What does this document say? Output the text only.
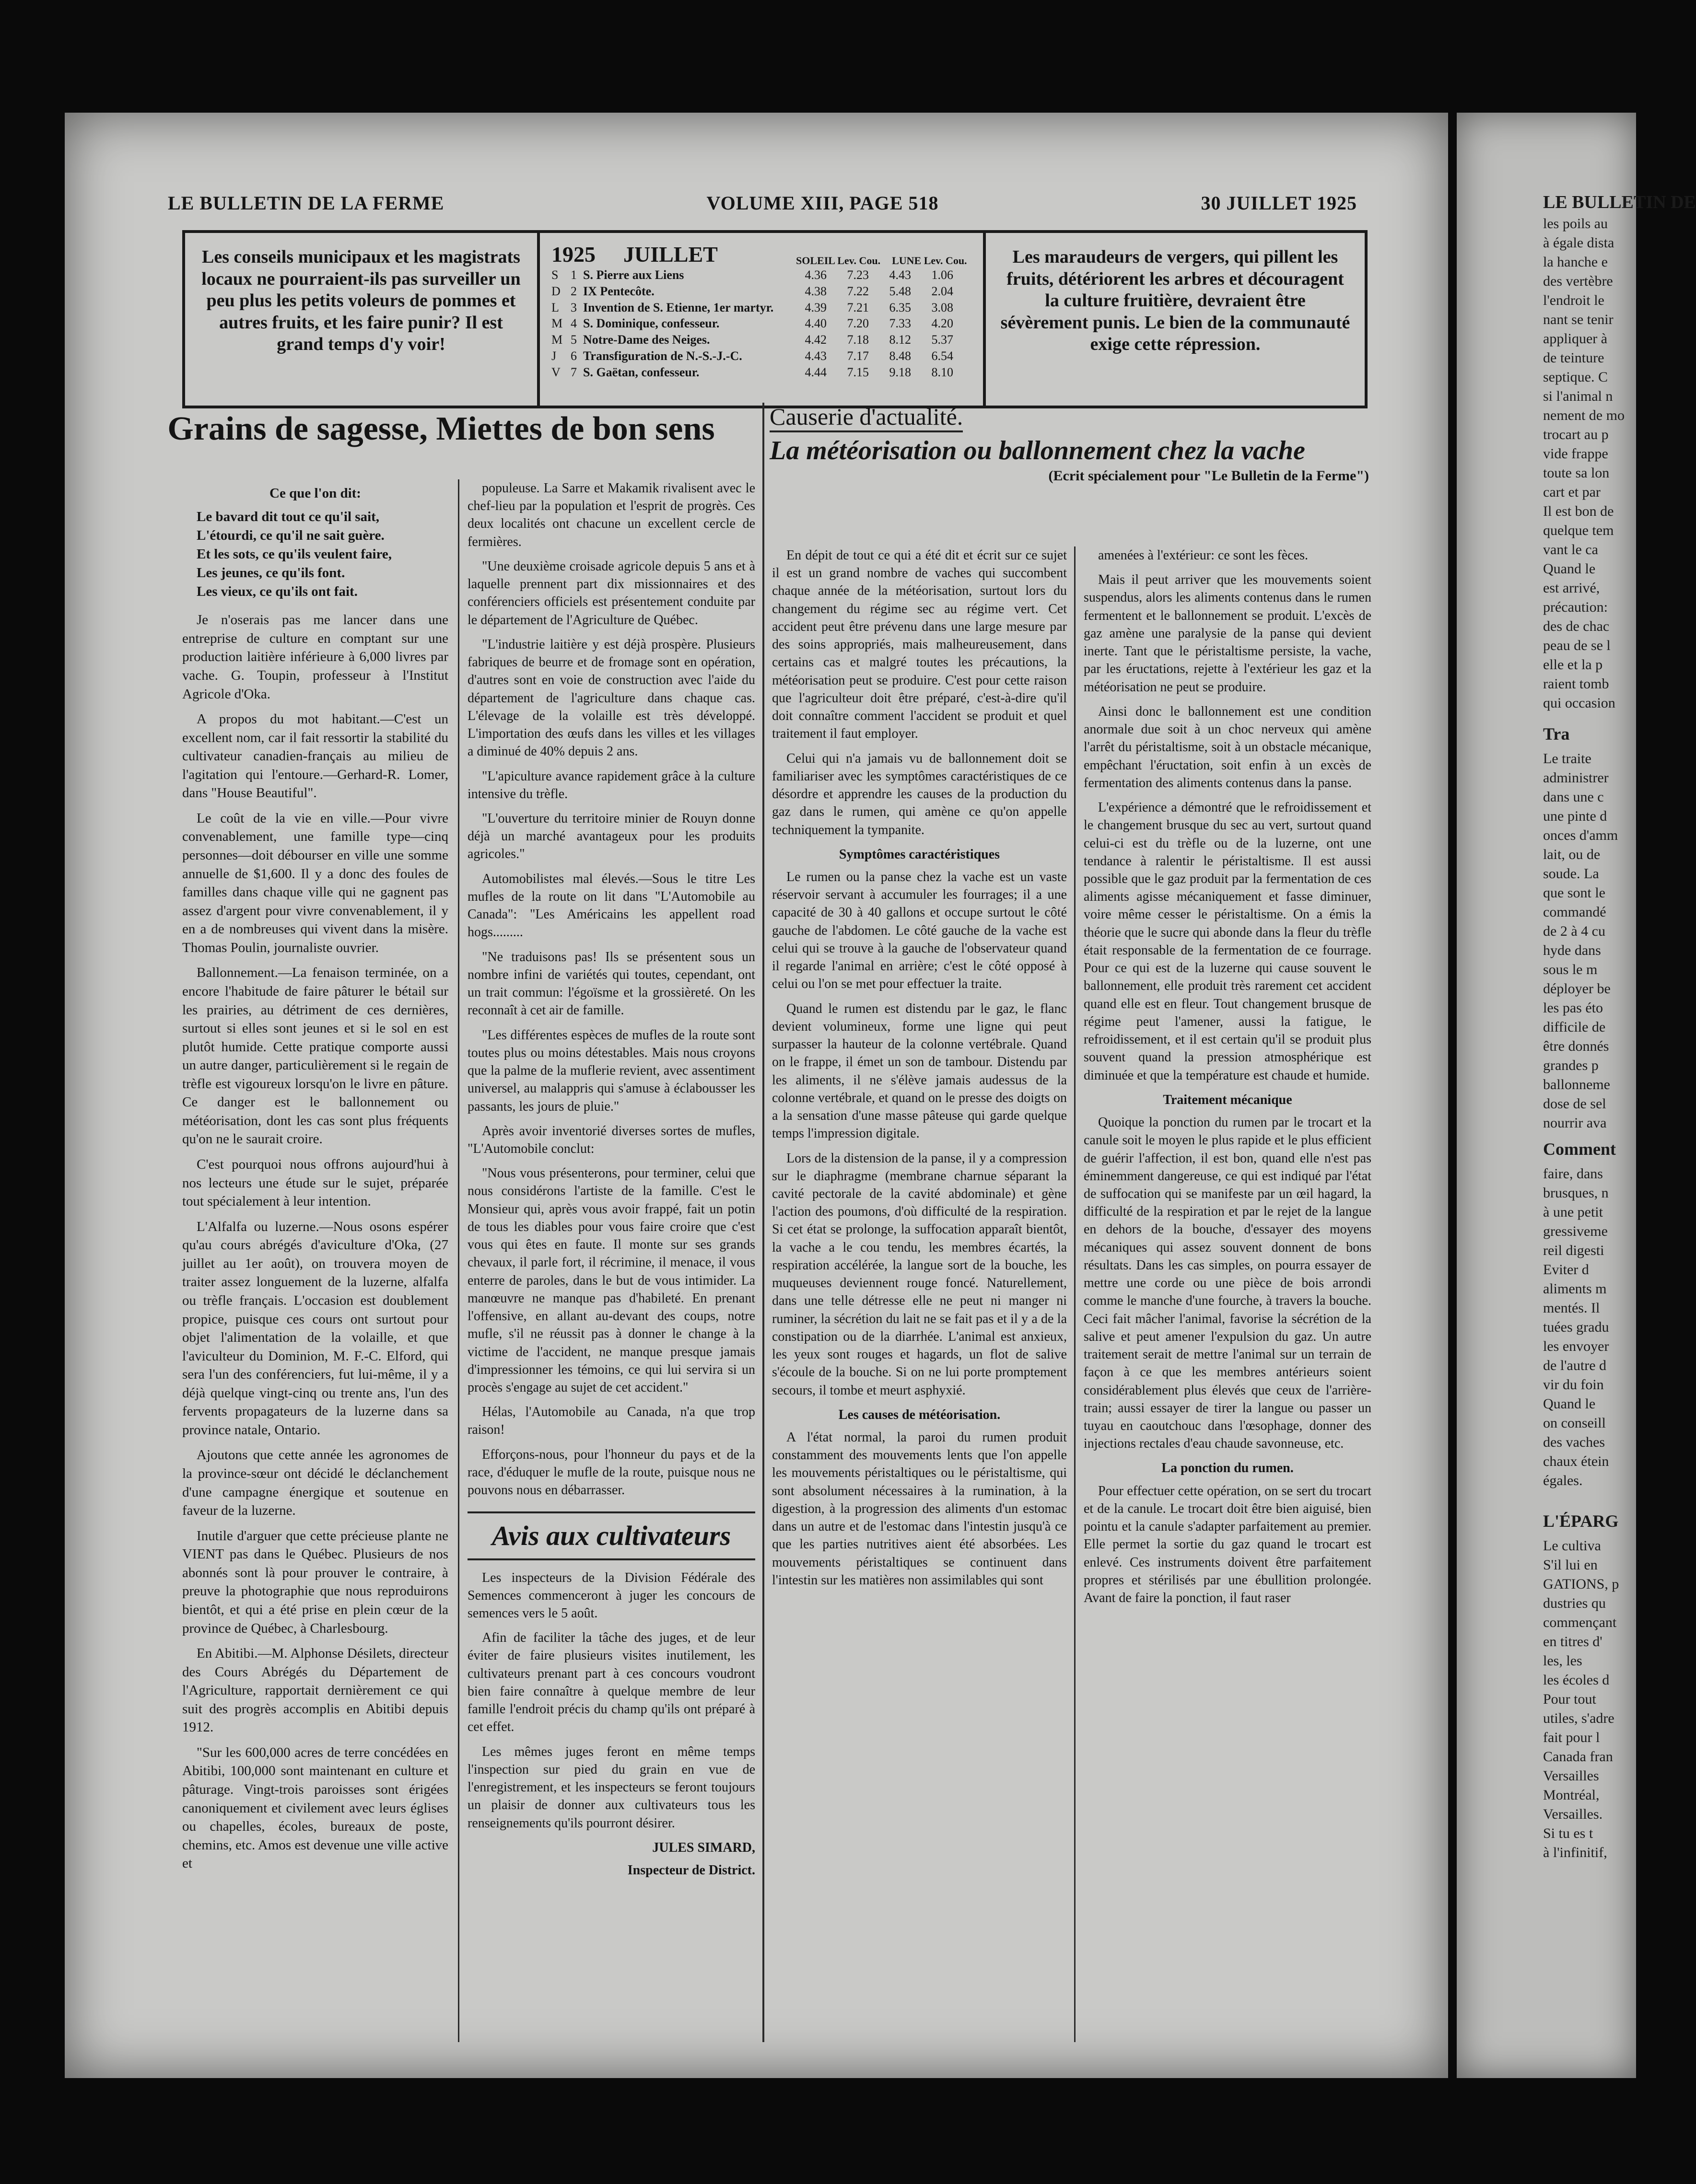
LE BULLETIN DE LA FERME	VOLUME XIII, PAGE 518	30 JUILLET 1925
Les conseils municipaux et les magistrats locaux ne pourraient-ils pas surveiller un peu plus les petits voleurs de pommes et autres fruits, et les faire punir? Il est grand temps d'y voir!
1925	JUILLET	SOLEIL Lev. Cou. LUNE Lev. Cou.
S 1 S. Pierre aux Liens	4.36	7.23	4.43	1.06
D 2 IX Pentecôte.	4.38	7.22	5.48	2.04
L 3 Invention de S. Etienne, 1er martyr.	4.39	7.21	6.35	3.08
M 4 S. Dominique, confesseur.	4.40	7.20	7.33	4.20
M 5 Notre-Dame des Neiges.	4.42	7.18	8.12	5.37
J	6 Transfiguration de N.-S.-J.-C.	4.43	7.17	8.48	6.54
V 7 S. Gaëtan, confesseur.	4.44	7.15	9.18	8.10
Les maraudeurs de vergers, qui pillent les fruits, détériorent les arbres et découragent la culture fruitière, devraient être sévèrement punis. Le bien de la communauté exige cette répression.
Grains de sagesse, Miettes de bon sens	Causerie d'actualité.
La météorisation ou ballonnement chez la vache
(Ecrit spécialement pour "Le Bulletin de la Ferme")
Ce que l'on dit:
Le bavard dit tout ce qu'il sait,
L'étourdi, ce qu'il ne sait guère.
Et les sots, ce qu'ils veulent faire,
Les jeunes, ce qu'ils font.
Les vieux, ce qu'ils ont fait.

Je n'oserais pas me lancer dans une entreprise de culture en comptant sur une production laitière inférieure à 6,000 livres par vache. G. Toupin, professeur à l'Institut Agricole d'Oka.

A propos du mot habitant.—C'est un excellent nom, car il fait ressortir la stabilité du cultivateur canadien-français au milieu de l'agitation qui l'entoure.—Gerhard-R. Lomer, dans "House Beautiful".

Le coût de la vie en ville.—Pour vivre convenablement, une famille type—cinq personnes—doit débourser en ville une somme annuelle de $1,600. Il y a donc des foules de familles dans chaque ville qui ne gagnent pas assez d'argent pour vivre convenablement, il y en a de nombreuses qui vivent dans la misère. Thomas Poulin, journaliste ouvrier.

Ballonnement.—La fenaison terminée, on a encore l'habitude de faire pâturer le bétail sur les prairies, au détriment de ces dernières, surtout si elles sont jeunes et si le sol en est plutôt humide. Cette pratique comporte aussi un autre danger, particulièrement si le regain de trèfle est vigoureux lorsqu'on le livre en pâture. Ce danger est le ballonnement ou météorisation, dont les cas sont plus fréquents qu'on ne le saurait croire.

C'est pourquoi nous offrons aujourd'hui à nos lecteurs une étude sur le sujet, préparée tout spécialement à leur intention.

L'Alfalfa ou luzerne.—Nous osons espérer qu'au cours abrégés d'aviculture d'Oka, (27 juillet au 1er août), on trouvera moyen de traiter assez longuement de la luzerne, alfalfa ou trèfle français. L'occasion est doublement propice, puisque ces cours ont surtout pour objet l'alimentation de la volaille, et que l'aviculteur du Dominion, M. F.-C. Elford, qui sera l'un des conférenciers, fut lui-même, il y a déjà quelque vingt-cinq ou trente ans, l'un des fervents propagateurs de la luzerne dans sa province natale, Ontario.

Ajoutons que cette année les agronomes de la province-sœur ont décidé le déclanchement d'une campagne énergique et soutenue en faveur de la luzerne.

Inutile d'arguer que cette précieuse plante ne VIENT pas dans le Québec. Plusieurs de nos abonnés sont là pour prouver le contraire, à preuve la photographie que nous reproduirons bientôt, et qui a été prise en plein cœur de la province de Québec, à Charlesbourg.

En Abitibi.—M. Alphonse Désilets, directeur des Cours Abrégés du Département de l'Agriculture, rapportait dernièrement ce qui suit des progrès accomplis en Abitibi depuis 1912.

"Sur les 600,000 acres de terre concédées en Abitibi, 100,000 sont maintenant en culture et pâturage. Vingt-trois paroisses sont érigées canoniquement et civilement avec leurs églises ou chapelles, écoles, bureaux de poste, chemins, etc. Amos est devenue une ville active et

populeuse. La Sarre et Makamik rivalisent avec le chef-lieu par la population et l'esprit de progrès. Ces deux localités ont chacune un excellent cercle de fermières.

"Une deuxième croisade agricole depuis 5 ans et à laquelle prennent part dix missionnaires et des conférenciers officiels est présentement conduite par le département de l'Agriculture de Québec.

"L'industrie laitière y est déjà prospère. Plusieurs fabriques de beurre et de fromage sont en opération, d'autres sont en voie de construction avec l'aide du département de l'agriculture dans chaque cas. L'élevage de la volaille est très développé. L'importation des œufs dans les villes et les villages a diminué de 40% depuis 2 ans.

"L'apiculture avance rapidement grâce à la culture intensive du trèfle.

"L'ouverture du territoire minier de Rouyn donne déjà un marché avantageux pour les produits agricoles."

Automobilistes mal élevés.—Sous le titre Les mufles de la route on lit dans "L'Automobile au Canada": "Les Américains les appellent road hogs.........

"Ne traduisons pas! Ils se présentent sous un nombre infini de variétés qui toutes, cependant, ont un trait commun: l'égoïsme et la grossièreté. On les reconnaît à cet air de famille.

"Les différentes espèces de mufles de la route sont toutes plus ou moins détestables. Mais nous croyons que la palme de la muflerie revient, avec assentiment universel, au malappris qui s'amuse à éclabousser les passants, les jours de pluie."

Après avoir inventorié diverses sortes de mufles, "L'Automobile conclut:

"Nous vous présenterons, pour terminer, celui que nous considérons l'artiste de la famille. C'est le Monsieur qui, après vous avoir frappé, fait un potin de tous les diables pour vous faire croire que c'est vous qui êtes en faute. Il monte sur ses grands chevaux, il parle fort, il récrimine, il menace, il vous enterre de paroles, dans le but de vous intimider. La manœuvre ne manque pas d'habileté. En prenant l'offensive, en allant au-devant des coups, notre mufle, s'il ne réussit pas à donner le change à la victime de l'accident, ne manque presque jamais d'impressionner les témoins, ce qui lui servira si un procès s'engage au sujet de cet accident."

Hélas, l'Automobile au Canada, n'a que trop raison!

Efforçons-nous, pour l'honneur du pays et de la race, d'éduquer le mufle de la route, puisque nous ne pouvons nous en débarrasser.

Avis aux cultivateurs

Les inspecteurs de la Division Fédérale des Semences commenceront à juger les concours de semences vers le 5 août.

Afin de faciliter la tâche des juges, et de leur éviter de faire plusieurs visites inutilement, les cultivateurs prenant part à ces concours voudront bien faire connaître à quelque membre de leur famille l'endroit précis du champ qu'ils ont préparé à cet effet.

Les mêmes juges feront en même temps l'inspection sur pied du grain en vue de l'enregistrement, et les inspecteurs se feront toujours un plaisir de donner aux cultivateurs tous les renseignements qu'ils pourront désirer.

JULES SIMARD,
Inspecteur de District.

En dépit de tout ce qui a été dit et écrit sur ce sujet il est un grand nombre de vaches qui succombent chaque année de la météorisation, surtout lors du changement du régime sec au régime vert. Cet accident peut être prévenu dans une large mesure par des soins appropriés, mais malheureusement, dans certains cas et malgré toutes les précautions, la météorisation peut se produire. C'est pour cette raison que l'agriculteur doit être préparé, c'est-à-dire qu'il doit connaître comment l'accident se produit et quel traitement il faut employer.

Celui qui n'a jamais vu de ballonnement doit se familiariser avec les symptômes caractéristiques de ce désordre et apprendre les causes de la production du gaz dans le rumen, qui amène ce qu'on appelle techniquement la tympanite.

Symptômes caractéristiques

Le rumen ou la panse chez la vache est un vaste réservoir servant à accumuler les fourrages; il a une capacité de 30 à 40 gallons et occupe surtout le côté gauche de l'abdomen. Le côté gauche de la vache est celui qui se trouve à la gauche de l'observateur quand il regarde l'animal en arrière; c'est le côté opposé à celui ou l'on se met pour effectuer la traite.

Quand le rumen est distendu par le gaz, le flanc devient volumineux, forme une ligne qui peut surpasser la hauteur de la colonne vertébrale. Quand on le frappe, il émet un son de tambour. Distendu par les aliments, il ne s'élève jamais audessus de la colonne vertébrale, et quand on le presse des doigts on a la sensation d'une masse pâteuse qui garde quelque temps l'impression digitale.

Lors de la distension de la panse, il y a compression sur le diaphragme (membrane charnue séparant la cavité pectorale de la cavité abdominale) et gène l'action des poumons, d'où difficulté de la respiration. Si cet état se prolonge, la suffocation apparaît bientôt, la vache a le cou tendu, les membres écartés, la respiration accélérée, la langue sort de la bouche, les muqueuses deviennent rouge foncé. Naturellement, dans une telle détresse elle ne peut ni manger ni ruminer, la sécrétion du lait ne se fait pas et il y a de la constipation ou de la diarrhée. L'animal est anxieux, les yeux sont rouges et hagards, un flot de salive s'écoule de la bouche. Si on ne lui porte promptement secours, il tombe et meurt asphyxié.

Les causes de météorisation.

A l'état normal, la paroi du rumen produit constamment des mouvements lents que l'on appelle les mouvements péristaltiques ou le péristaltisme, qui sont absolument nécessaires à la rumination, à la digestion, à la progression des aliments d'un estomac dans un autre et de l'estomac dans l'intestin jusqu'à ce que les parties nutritives aient été absorbées. Les mouvements péristaltiques se continuent dans l'intestin sur les matières non assimilables qui sont

amenées à l'extérieur: ce sont les fèces.

Mais il peut arriver que les mouvements soient suspendus, alors les aliments contenus dans le rumen fermentent et le ballonnement se produit. L'excès de gaz amène une paralysie de la panse qui devient inerte. Tant que le péristaltisme persiste, la vache, par les éructations, rejette à l'extérieur les gaz et la météorisation ne peut se produire.

Ainsi donc le ballonnement est une condition anormale due soit à un choc nerveux qui amène l'arrêt du péristaltisme, soit à un obstacle mécanique, empêchant l'éructation, soit enfin à un excès de fermentation des aliments contenus dans la panse.

L'expérience a démontré que le refroidissement et le changement brusque du sec au vert, surtout quand celui-ci est du trèfle ou de la luzerne, ont une tendance à ralentir le péristaltisme. Il est aussi possible que le gaz produit par la fermentation de ces aliments agisse mécaniquement et fasse diminuer, voire même cesser le péristaltisme. On a émis la théorie que le sucre qui abonde dans la fleur du trèfle était responsable de la fermentation de ce fourrage. Pour ce qui est de la luzerne qui cause souvent le ballonnement, elle produit très rarement cet accident quand elle est en fleur. Tout changement brusque de régime peut l'amener, aussi la fatigue, le refroidissement, et il est certain qu'il se produit plus souvent quand la pression atmosphérique est diminuée et que la température est chaude et humide.

Traitement mécanique

Quoique la ponction du rumen par le trocart et la canule soit le moyen le plus rapide et le plus efficient de guérir l'affection, il est bon, quand elle n'est pas éminemment dangereuse, ce qui est indiqué par l'état de suffocation qui se manifeste par un œil hagard, la difficulté de la respiration et par le rejet de la langue en dehors de la bouche, d'essayer des moyens mécaniques qui assez souvent donnent de bons résultats. Dans les cas simples, on pourra essayer de mettre une corde ou une pièce de bois arrondi comme le manche d'une fourche, à travers la bouche. Ceci fait mâcher l'animal, favorise la sécrétion de la salive et peut amener l'expulsion du gaz. Un autre traitement serait de mettre l'animal sur un terrain de façon à ce que les membres antérieurs soient considérablement plus élevés que ceux de l'arrière-train; aussi essayer de tirer la langue ou passer un tuyau en caoutchouc dans l'œsophage, donner des injections rectales d'eau chaude savonneuse, etc.

La ponction du rumen.

Pour effectuer cette opération, on se sert du trocart et de la canule. Le trocart doit être bien aiguisé, bien pointu et la canule s'adapter parfaitement au premier. Elle permet la sortie du gaz quand le trocart est enlevé. Ces instruments doivent être parfaitement propres et stérilisés par une ébullition prolongée. Avant de faire la ponction, il faut raser

LE BULLETIN DE
les poils au
à égale dista
la hanche e
des vertèbre
l'endroit le
nant se tenir
appliquer à
de teinture
septique. C
si l'animal n
nement de mo
trocart au p
vide frappe
toute sa lon
cart et par
Il est bon de
quelque tem
vant le ca
Quand le
est arrivé,
précaution:
des de chac
peau de se l
elle et la p
raient tomb
qui occasion
Tra
Le traite
administrer
dans une c
une pinte d
onces d'amm
lait, ou de
soude. La
que sont le
commandé
de 2 à 4 cu
hyde dans
sous le m
déployer be
les pas éto
difficile de
être donnés
grandes p
ballonneme
dose de sel
nourrir ava
Comment
faire, dans
brusques, n
à une petit
gressiveme
reil digesti
Eviter d
aliments m
mentés. Il
tuées gradu
les envoyer
de l'autre d
vir du foin
Quand le
on conseill
des vaches
chaux étein
égales.
L'ÉPARG
Le cultiva
S'il lui en
GATIONS, p
dustries qu
commençant
en titres d'
les, les
les écoles d
Pour tout
utiles, s'adre
fait pour l
Canada fran
Versailles
Montréal,
Versailles.
Si tu es t
à l'infinitif,
